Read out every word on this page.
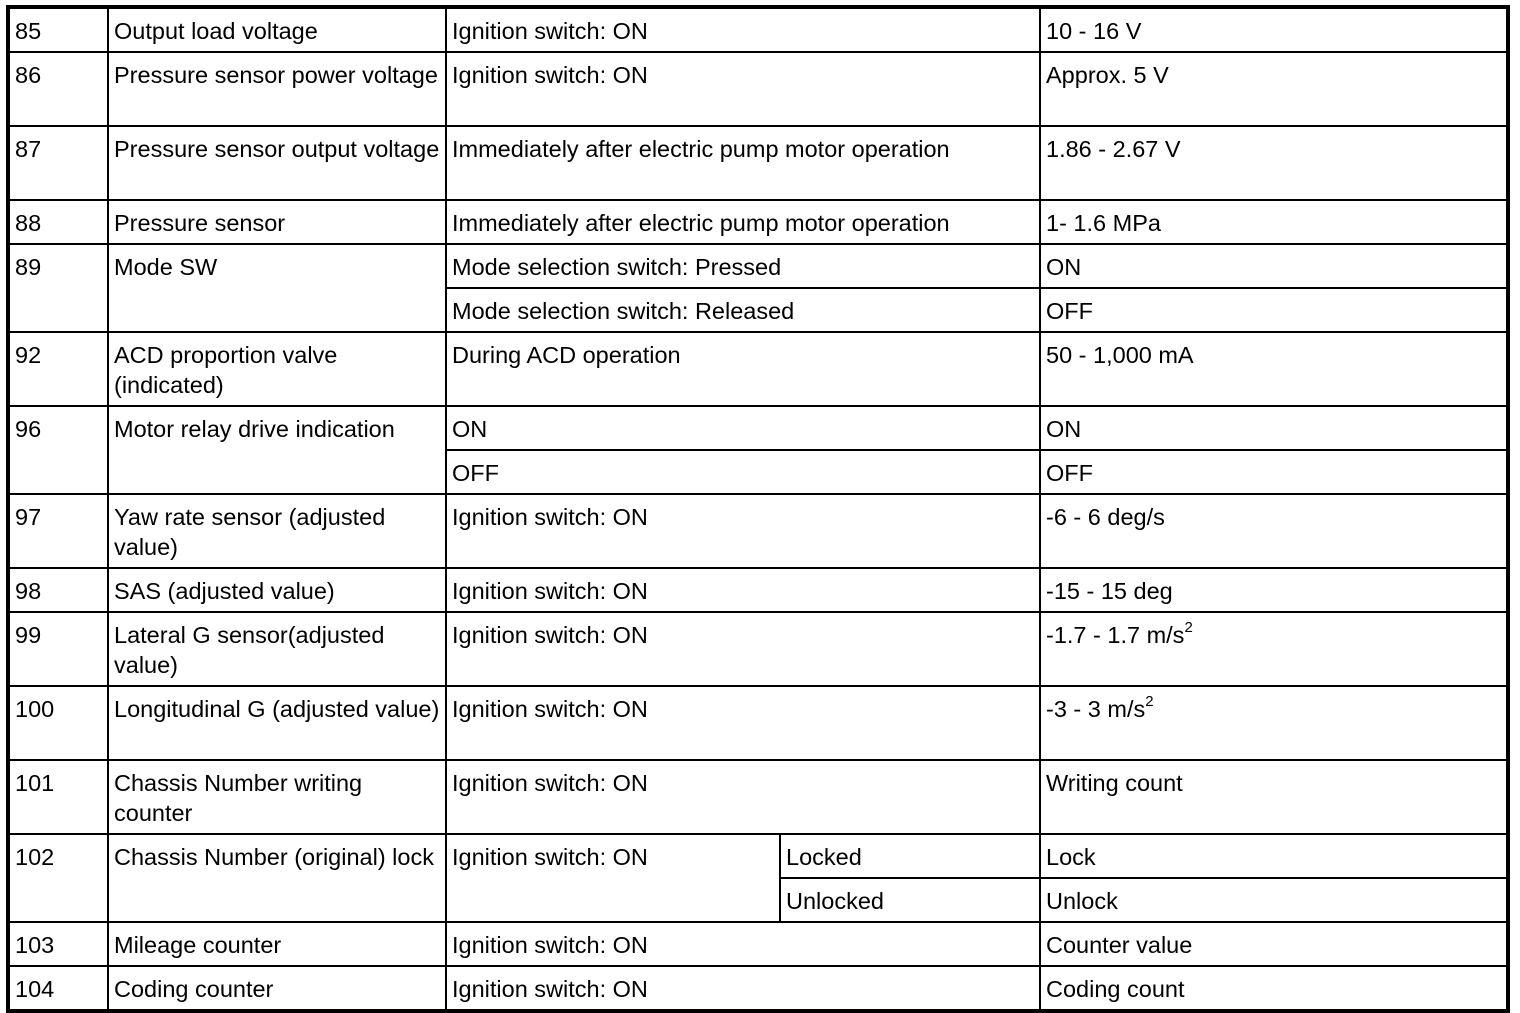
85	Output load voltage	Ignition switch: ON		10 - 16 V
86	Pressure sensor power voltage	Ignition switch: ON		Approx. 5 V
87	Pressure sensor output voltage	Immediately after electric pump motor operation		1.86 - 2.67 V
88	Pressure sensor	Immediately after electric pump motor operation		1- 1.6 MPa
89	Mode SW	Mode selection switch: Pressed		ON
		Mode selection switch: Released		OFF
92	ACD proportion valve (indicated)	During ACD operation		50 - 1,000 mA
96	Motor relay drive indication	ON		ON
		OFF		OFF
97	Yaw rate sensor (adjusted value)	Ignition switch: ON		-6 - 6 deg/s
98	SAS (adjusted value)	Ignition switch: ON		-15 - 15 deg
99	Lateral G sensor(adjusted value)	Ignition switch: ON		-1.7 - 1.7 $m/s^2$
100	Longitudinal G (adjusted value)	Ignition switch: ON		-3 - 3 $m/s^2$
101	Chassis Number writing counter	Ignition switch: ON		Writing count
102	Chassis Number (original) lock	Ignition switch: ON	Locked	Lock
			Unlocked	Unlock
103	Mileage counter	Ignition switch: ON		Counter value
104	Coding counter	Ignition switch: ON		Coding count
